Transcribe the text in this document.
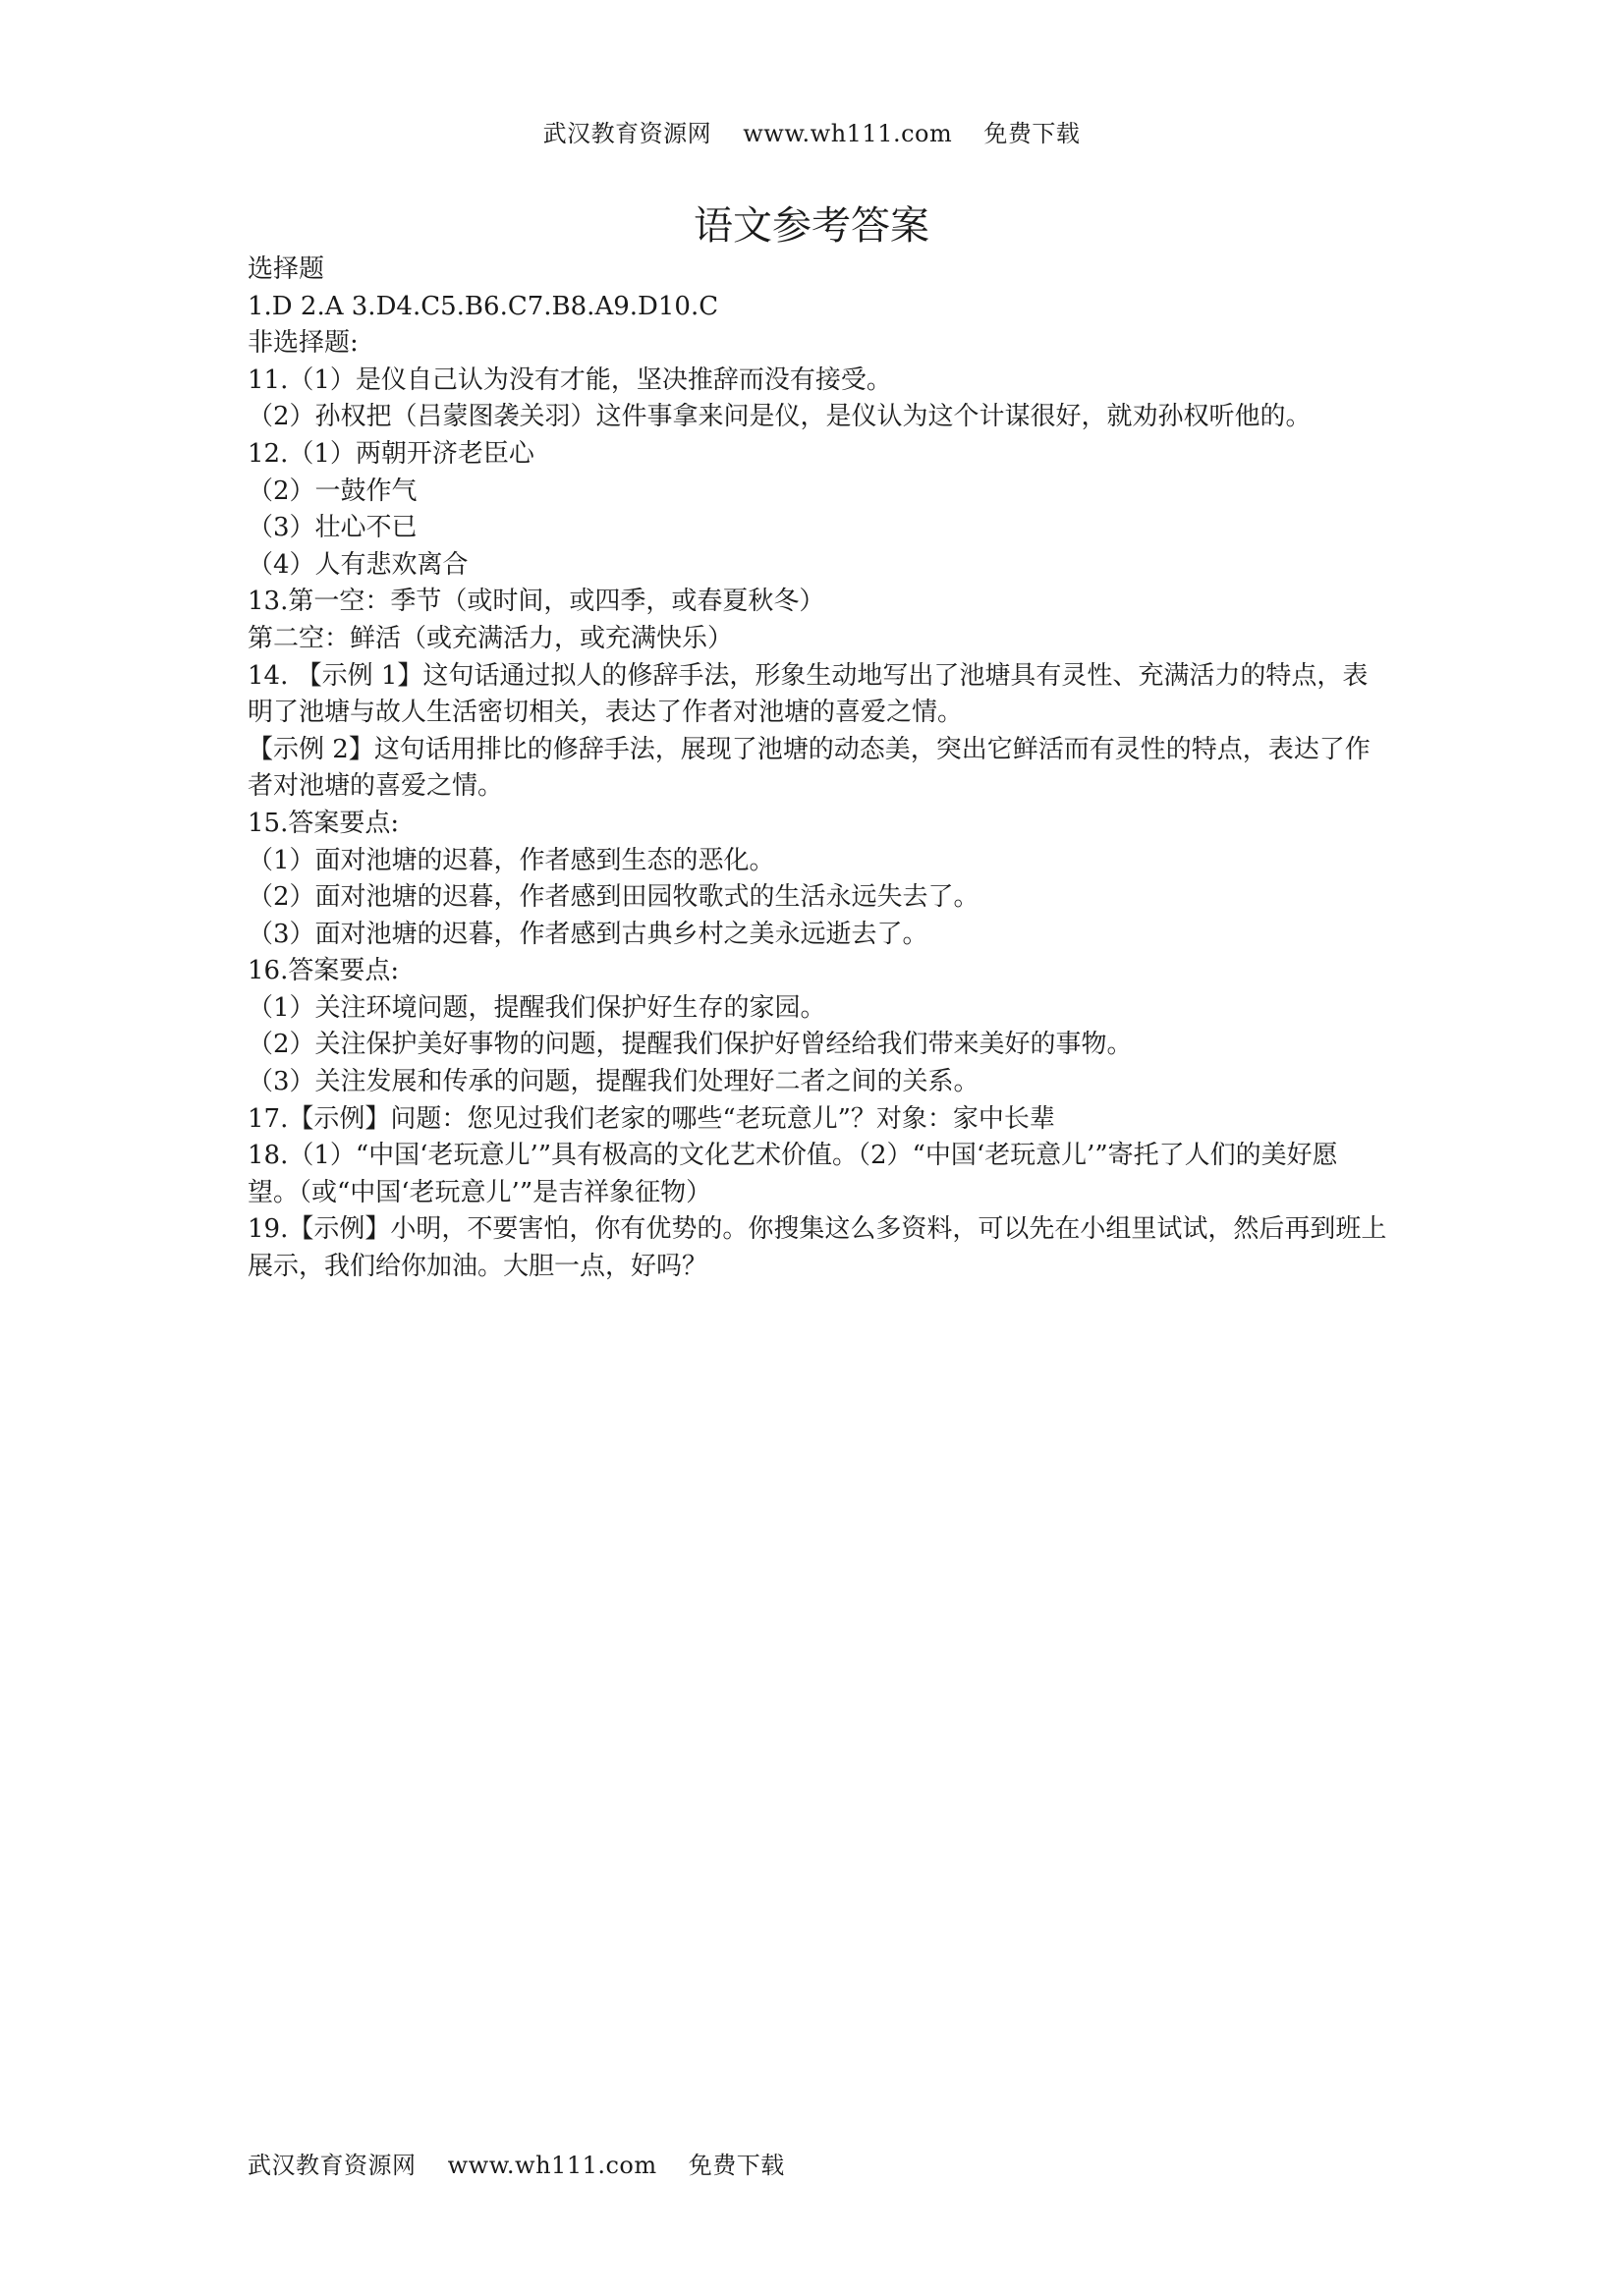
武汉教育资源网 www.wh111.com 免费下载
语文参考答案
选择题
1.D 2.A 3.D4.C5.B6.C7.B8.A9.D10.C
非选择题:
11.（1）是仪自己认为没有才能，坚决推辞而没有接受。
（2）孙权把（吕蒙图袭关羽）这件事拿来问是仪，是仪认为这个计谋很好，就劝孙权听他的。
12.（1）两朝开济老臣心
（2）一鼓作气
（3）壮心不已
（4）人有悲欢离合
13.第一空：季节（或时间，或四季，或春夏秋冬）
第二空：鲜活（或充满活力，或充满快乐）
14. 【示例 1】这句话通过拟人的修辞手法，形象生动地写出了池塘具有灵性、充满活力的特点，表明了池塘与故人生活密切相关，表达了作者对池塘的喜爱之情。
【示例 2】这句话用排比的修辞手法，展现了池塘的动态美，突出它鲜活而有灵性的特点，表达了作者对池塘的喜爱之情。
15.答案要点:
（1）面对池塘的迟暮，作者感到生态的恶化。
（2）面对池塘的迟暮，作者感到田园牧歌式的生活永远失去了。
（3）面对池塘的迟暮，作者感到古典乡村之美永远逝去了。
16.答案要点:
（1）关注环境问题，提醒我们保护好生存的家园。
（2）关注保护美好事物的问题，提醒我们保护好曾经给我们带来美好的事物。
（3）关注发展和传承的问题，提醒我们处理好二者之间的关系。
17.【示例】问题：您见过我们老家的哪些“老玩意儿”？对象：家中长辈
18.（1）“中国‘老玩意儿’”具有极高的文化艺术价值。（2）“中国‘老玩意儿’”寄托了人们的美好愿望。（或“中国‘老玩意儿’”是吉祥象征物）
19.【示例】小明，不要害怕，你有优势的。你搜集这么多资料，可以先在小组里试试，然后再到班上展示，我们给你加油。大胆一点，好吗？
武汉教育资源网 www.wh111.com 免费下载
